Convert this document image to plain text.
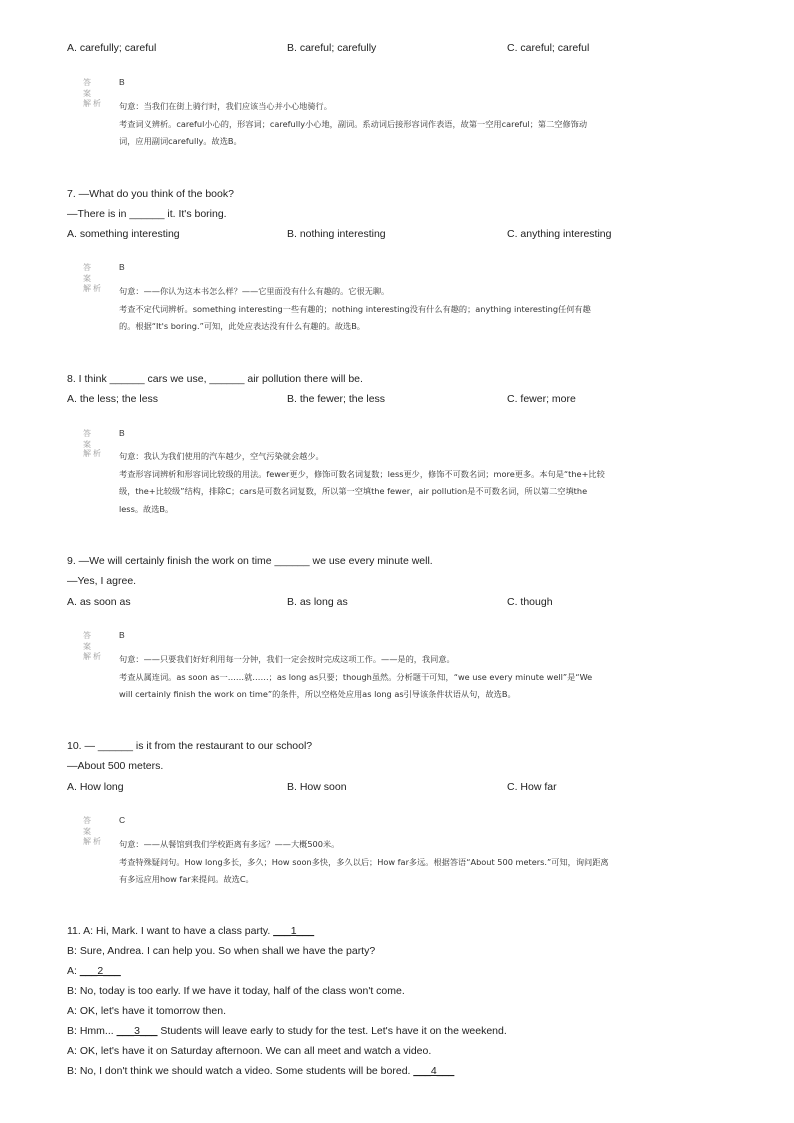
A. carefully; careful	B. careful; carefully	C. careful; careful
答案
B
解析 句意：当我们在街上骑行时，我们应该当心并小心地骑行。

考查词义辨析。careful小心的，形容词；carefully小心地，副词。系动词后接形容词作表语，故第一空用careful；第二空修饰动

词，应用副词carefully。故选B。

7. —What do you think of the book?
—There is in ______ it. It's boring.
A. something interesting	B. nothing interesting	C. anything interesting
答案
B
解析 句意：——你认为这本书怎么样？——它里面没有什么有趣的。它很无聊。

考查不定代词辨析。something interesting一些有趣的；nothing interesting没有什么有趣的；anything interesting任何有趣

的。根据“It's boring.”可知，此处应表达没有什么有趣的。故选B。

8. I think ______ cars we use, ______ air pollution there will be.
A. the less; the less	B. the fewer; the less	C. fewer; more
答案
B
解析 句意：我认为我们使用的汽车越少，空气污染就会越少。

考查形容词辨析和形容词比较级的用法。fewer更少，修饰可数名词复数；less更少，修饰不可数名词；more更多。本句是“the+比较

级，the+比较级”结构，排除C；cars是可数名词复数，所以第一空填the fewer，air pollution是不可数名词，所以第二空填the

less。故选B。

9. —We will certainly finish the work on time ______ we use every minute well.
—Yes, I agree.
A. as soon as	B. as long as	C. though
答案
B
解析 句意：——只要我们好好利用每一分钟，我们一定会按时完成这项工作。——是的，我同意。

考查从属连词。as soon as一……就……；as long as只要；though虽然。分析题干可知，“we use every minute well”是“We

will certainly finish the work on time”的条件，所以空格处应用as long as引导该条件状语从句，故选B。

10. — ______ is it from the restaurant to our school?
—About 500 meters.
A. How long	B. How soon	C. How far
答案
C
解析 句意：——从餐馆到我们学校距离有多远？——大概500米。

考查特殊疑问句。How long多长，多久；How soon多快，多久以后；How far多远。根据答语“About 500 meters.”可知，询问距离

有多远应用how far来提问。故选C。

11. A: Hi, Mark. I want to have a class party. ___1___
B: Sure, Andrea. I can help you. So when shall we have the party?
A: ___2___
B: No, today is too early. If we have it today, half of the class won't come.
A: OK, let's have it tomorrow then.
B: Hmm... ___3___ Students will leave early to study for the test. Let's have it on the weekend.
A: OK, let's have it on Saturday afternoon. We can all meet and watch a video.
B: No, I don't think we should watch a video. Some students will be bored. ___4___
